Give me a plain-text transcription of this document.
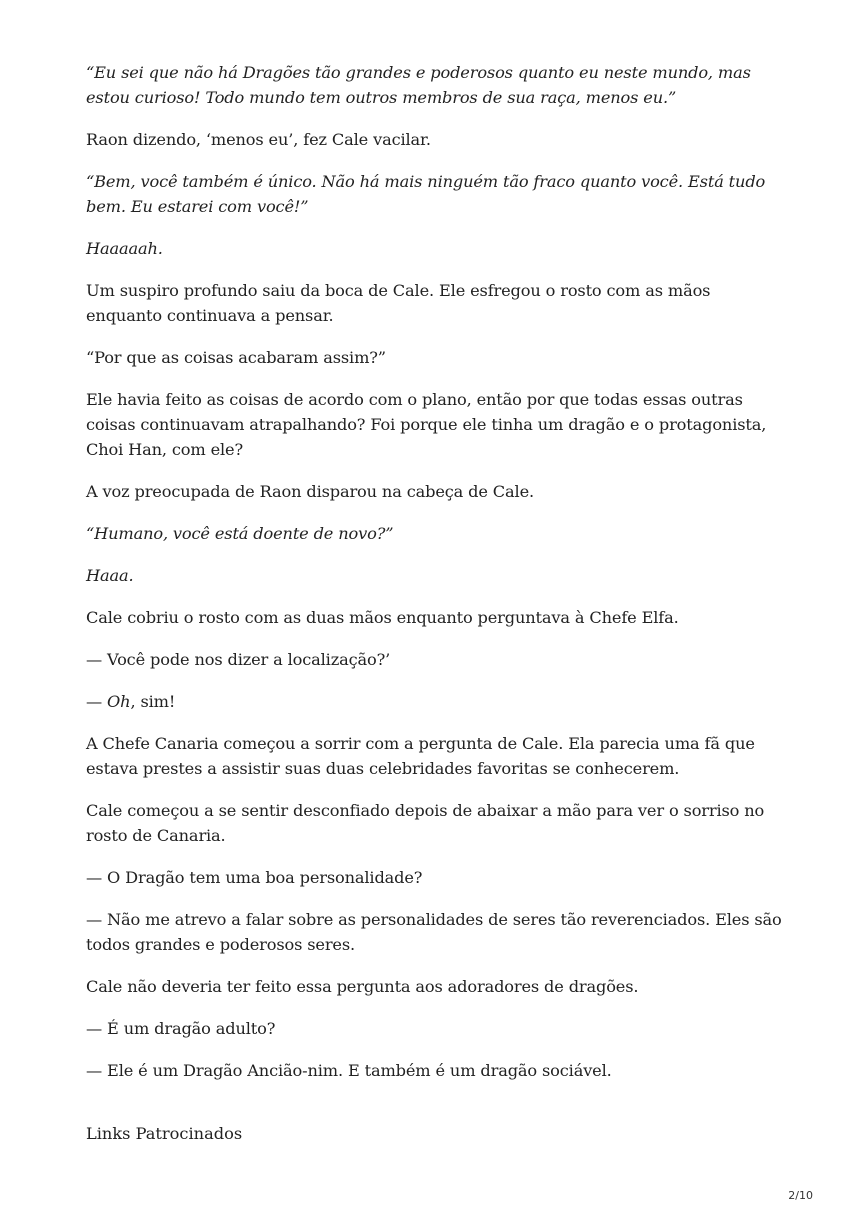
“Eu sei que não há Dragões tão grandes e poderosos quanto eu neste mundo, mas estou curioso! Todo mundo tem outros membros de sua raça, menos eu.”

Raon dizendo, ‘menos eu’, fez Cale vacilar.

“Bem, você também é único. Não há mais ninguém tão fraco quanto você. Está tudo bem. Eu estarei com você!”

Haaaaah.

Um suspiro profundo saiu da boca de Cale. Ele esfregou o rosto com as mãos enquanto continuava a pensar.

“Por que as coisas acabaram assim?”

Ele havia feito as coisas de acordo com o plano, então por que todas essas outras coisas continuavam atrapalhando? Foi porque ele tinha um dragão e o protagonista, Choi Han, com ele?

A voz preocupada de Raon disparou na cabeça de Cale.

“Humano, você está doente de novo?”

Haaa.

Cale cobriu o rosto com as duas mãos enquanto perguntava à Chefe Elfa.

— Você pode nos dizer a localização?’

— Oh, sim!

A Chefe Canaria começou a sorrir com a pergunta de Cale. Ela parecia uma fã que estava prestes a assistir suas duas celebridades favoritas se conhecerem.

Cale começou a se sentir desconfiado depois de abaixar a mão para ver o sorriso no rosto de Canaria.

— O Dragão tem uma boa personalidade?

— Não me atrevo a falar sobre as personalidades de seres tão reverenciados. Eles são todos grandes e poderosos seres.

Cale não deveria ter feito essa pergunta aos adoradores de dragões.

— É um dragão adulto?

— Ele é um Dragão Ancião-nim. E também é um dragão sociável.

Links Patrocinados

2/10
